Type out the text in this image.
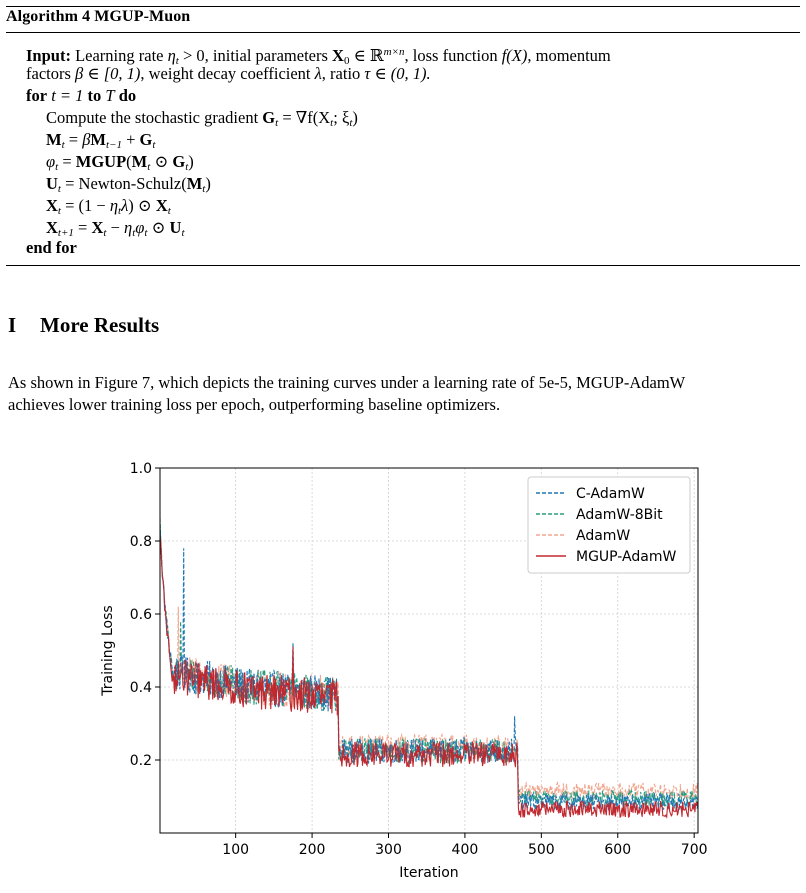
Algorithm 4 MGUP-Muon
Input: Learning rate $\eta_t > 0$, initial parameters $X_0$ ∈ ℝ$^{m\times n}$, loss function f(X), momentum
factors β ∈ [0, 1), weight decay coefficient λ, ratio τ ∈ (0, 1).
for t = 1 to T do
Compute the stochastic gradient $G_t = \nabla f(X_t$; $\xi_t$)
$M_t = \beta M_{t-1} + G_t$
$\varphi_t$ = $MGUP(M_t$ ⊙ $G_t$)
$U_t$ = Newton-$Schulz(M_t)$
$X_t = (1 - \eta_t\lambda)$ ⊙ $X_t$
$X_{t+1} = X_t - \eta_t\varphi_t$ ⊙ $U_t$
end for
I More Results
As shown in Figure 7, which depicts the training curves under a learning rate of 5e-5, MGUP-AdamW
achieves lower training loss per epoch, outperforming baseline optimizers.
100	200	300	400	500	600	700
0.2
0.4
0.6
0.8
1.0
Iteration
Training Loss
C-AdamW
AdamW-8Bit
AdamW
MGUP-AdamW
